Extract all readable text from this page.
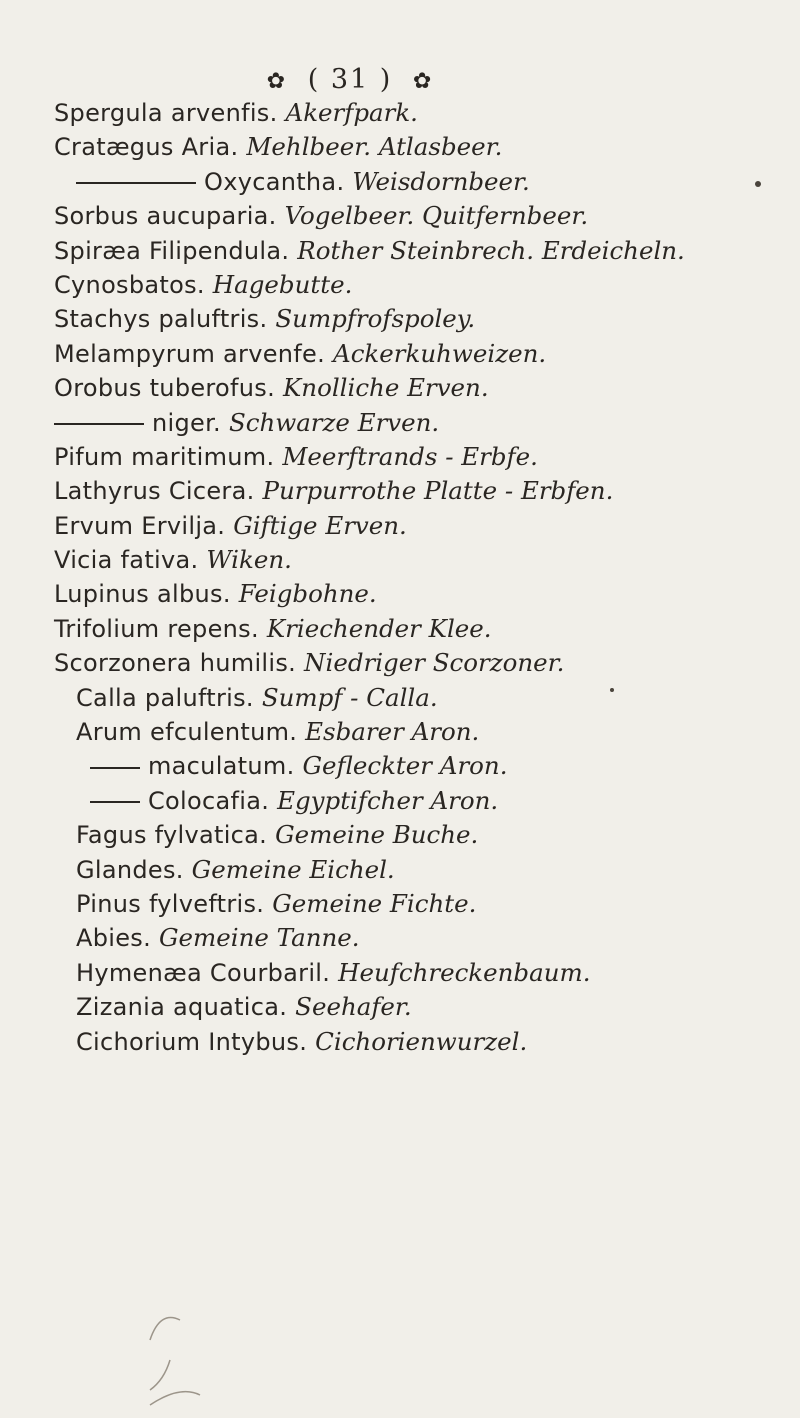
✿ ( 31 ) ✿
Spergula arvenfis. Akerfpark.
Cratægus Aria. Mehlbeer. Atlasbeer.
Oxycantha. Weisdornbeer.
Sorbus aucuparia. Vogelbeer. Quitfernbeer.
Spiræa Filipendula. Rother Steinbrech. Erdeicheln.
Cynosbatos. Hagebutte.
Stachys paluftris. Sumpfrofspoley.
Melampyrum arvenfe. Ackerkuhweizen.
Orobus tuberofus. Knolliche Erven.
niger. Schwarze Erven.
Pifum maritimum. Meerftrands - Erbfe.
Lathyrus Cicera. Purpurrothe Platte - Erbfen.
Ervum Ervilja. Giftige Erven.
Vicia fativa. Wiken.
Lupinus albus. Feigbohne.
Trifolium repens. Kriechender Klee.
Scorzonera humilis. Niedriger Scorzoner.
Calla paluftris. Sumpf - Calla.
Arum efculentum. Esbarer Aron.
maculatum. Gefleckter Aron.
Colocafia. Egyptifcher Aron.
Fagus fylvatica. Gemeine Buche.
Glandes. Gemeine Eichel.
Pinus fylveftris. Gemeine Fichte.
Abies. Gemeine Tanne.
Hymenæa Courbaril. Heufchreckenbaum.
Zizania aquatica. Seehafer.
Cichorium Intybus. Cichorienwurzel.
